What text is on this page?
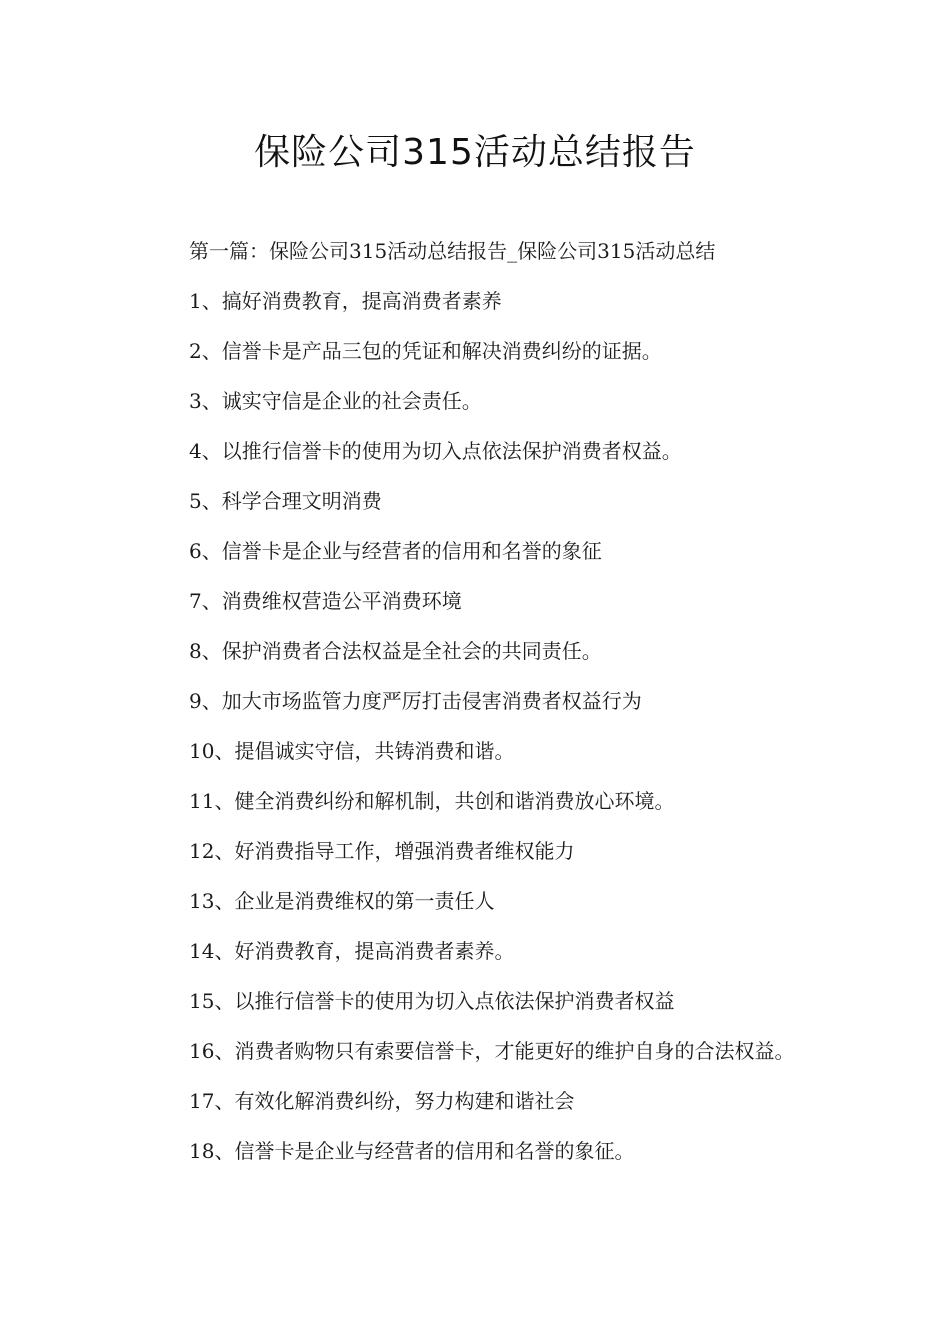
保险公司315活动总结报告

第一篇：保险公司315活动总结报告_保险公司315活动总结

1、搞好消费教育，提高消费者素养

2、信誉卡是产品三包的凭证和解决消费纠纷的证据。

3、诚实守信是企业的社会责任。

4、以推行信誉卡的使用为切入点依法保护消费者权益。

5、科学合理文明消费

6、信誉卡是企业与经营者的信用和名誉的象征

7、消费维权营造公平消费环境

8、保护消费者合法权益是全社会的共同责任。

9、加大市场监管力度严厉打击侵害消费者权益行为

10、提倡诚实守信，共铸消费和谐。

11、健全消费纠纷和解机制，共创和谐消费放心环境。

12、好消费指导工作，增强消费者维权能力

13、企业是消费维权的第一责任人

14、好消费教育，提高消费者素养。

15、以推行信誉卡的使用为切入点依法保护消费者权益

16、消费者购物只有索要信誉卡，才能更好的维护自身的合法权益。

17、有效化解消费纠纷，努力构建和谐社会

18、信誉卡是企业与经营者的信用和名誉的象征。
